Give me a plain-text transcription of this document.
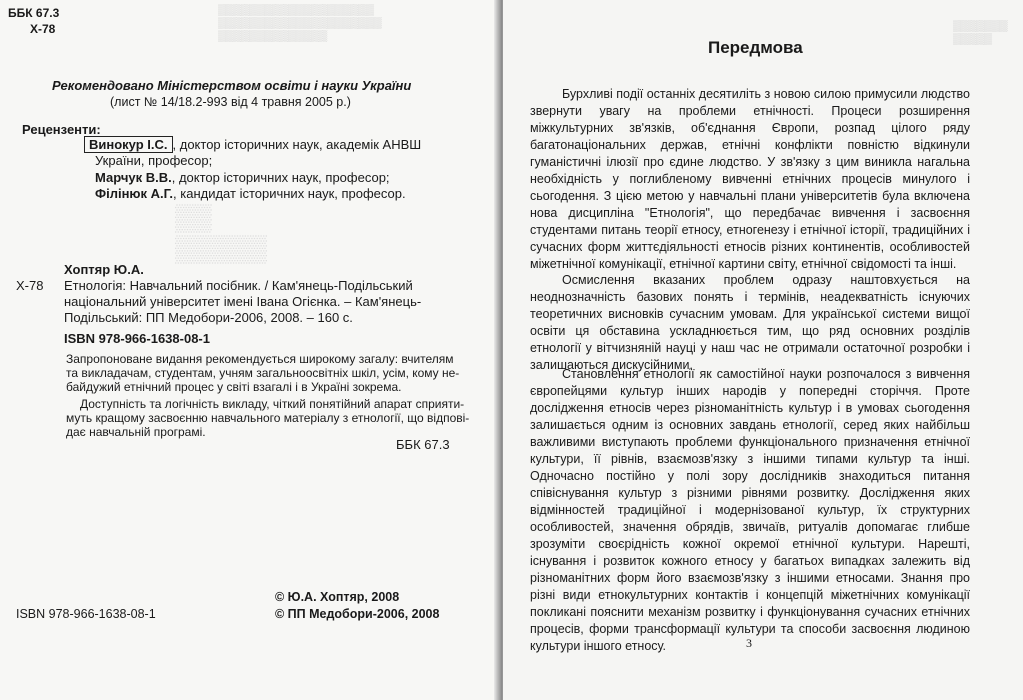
▒▒▒▒▒▒▒▒▒▒▒▒▒▒▒▒▒▒▒▒
▒▒▒▒▒▒▒▒▒▒▒▒▒▒▒▒▒▒▒▒▒
▒▒▒▒▒▒▒▒▒▒▒▒▒▒
▒▒ ▒▒▒▒▒
ББК 67.3
Х-78
Рекомендовано Міністерством освіти і науки України
(лист № 14/18.2-993 від 4 травня 2005 р.)
Рецензенти:
Винокур І.С. , доктор історичних наук, академік АНВШ
України, професор;
Марчук В.В., доктор історичних наук, професор;
Філінюк А.Г., кандидат історичних наук, професор.
Хоптяр Ю.А.
Х-78 Етнологія: Навчальний посібник. / Кам'янець-Подільський
національний університет імені Івана Огієнка. – Кам'янець-
Подільський: ПП Медобори-2006, 2008. – 160 с.
ISBN 978-966-1638-08-1
Запропоноване видання рекомендується широкому загалу: вчителям
та викладачам, студентам, учням загальноосвітніх шкіл, усім, кому не-
байдужий етнічний процес у світі взагалі і в Україні зокрема.
Доступність та логічність викладу, чіткий понятійний апарат сприяти-
муть кращому засвоєнню навчального матеріалу з етнології, що відпові-
дає навчальній програмі.
ББК 67.3
ISBN 978-966-1638-08-1
© Ю.А. Хоптяр, 2008
© ПП Медобори-2006, 2008
▒▒▒▒▒▒▒
▒▒▒▒▒
Передмова

Бурхливі події останніх десятиліть з новою силою примусили людство звернути увагу на проблеми етнічності. Процеси розширення міжкультурних зв'язків, об'єднання Європи, розпад цілого ряду багатонаціональних держав, етнічні конфлікти повністю відкинули гуманістичні ілюзії про єдине людство. У зв'язку з цим виникла нагальна необхідність у поглибленому вивченні етнічних процесів минулого і сьогодення. З цією метою у навчальні плани університетів була включена нова дисципліна "Етнологія", що передбачає вивчення і засвоєння студентами питань теорії етносу, етногенезу і етнічної історії, традиційних і сучасних форм життєдіяльності етносів різних континентів, особливостей міжетнічної комунікації, етнічної картини світу, етнічної свідомості та інші.

Осмислення вказаних проблем одразу наштовхується на неоднозначність базових понять і термінів, неадекватність існуючих теоретичних висновків сучасним умовам. Для української системи вищої освіти ця обставина ускладнюється тим, що ряд основних розділів етнології у вітчизняній науці у наш час не отримали остаточної розробки і залишаються дискусійними.

Становлення етнології як самостійної науки розпочалося з вивчення європейцями культур інших народів у попередні сторіччя. Проте дослідження етносів через різноманітність культур і в умовах сьогодення залишається одним із основних завдань етнології, серед яких найбільш важливими виступають проблеми функціонального призначення етнічної культури, її рівнів, взаємозв'язку з іншими типами культур та інші. Одночасно постійно у полі зору дослідників знаходиться питання співіснування культур з різними рівнями розвитку. Дослідження яких відмінностей традиційної і модернізованої культур, їх структурних особливостей, значення обрядів, звичаїв, ритуалів допомагає глибше зрозуміти своєрідність кожної окремої етнічної культури. Нарешті, існування і розвиток кожного етносу у багатьох випадках залежить від різноманітних форм його взаємозв'язку з іншими етносами. Знання про різні види етнокультурних контактів і концепцій міжетнічних комунікації покликані пояснити механізм розвитку і функціонування сучасних етнічних процесів, форми трансформації культури та способи засвоєння людиною культури іншого етносу.	3
